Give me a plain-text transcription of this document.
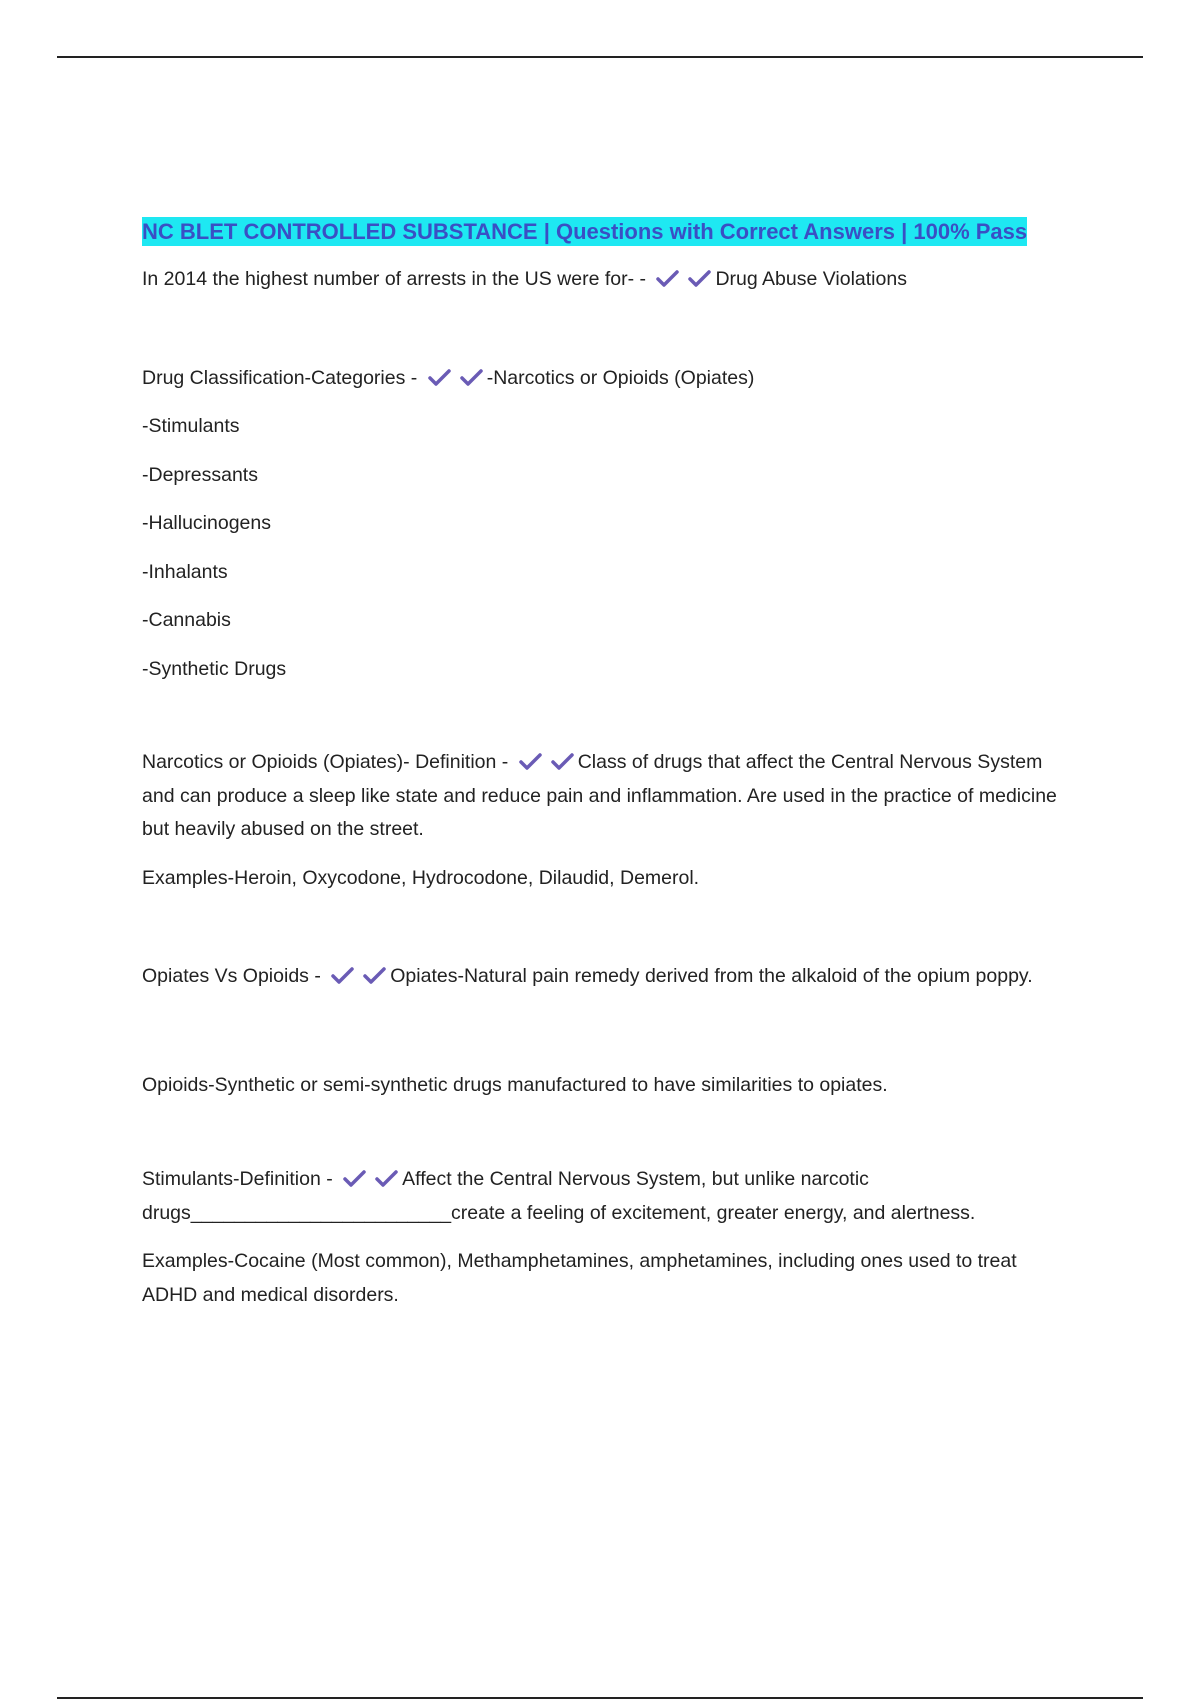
NC BLET CONTROLLED SUBSTANCE | Questions with Correct Answers | 100% Pass

In 2014 the highest number of arrests in the US were for- -	Drug Abuse Violations

Drug Classification-Categories -	-Narcotics or Opioids (Opiates)

-Stimulants

-Depressants

-Hallucinogens

-Inhalants

-Cannabis

-Synthetic Drugs

Narcotics or Opioids (Opiates)- Definition -	Class of drugs that affect the Central Nervous System and can produce a sleep like state and reduce pain and inflammation. Are used in the practice of medicine but heavily abused on the street.

Examples-Heroin, Oxycodone, Hydrocodone, Dilaudid, Demerol.

Opiates Vs Opioids -	Opiates-Natural pain remedy derived from the alkaloid of the opium poppy.

Opioids-Synthetic or semi-synthetic drugs manufactured to have similarities to opiates.

Stimulants-Definition -	Affect the Central Nervous System, but unlike narcotic drugs________________________create a feeling of excitement, greater energy, and alertness.

Examples-Cocaine (Most common), Methamphetamines, amphetamines, including ones used to treat ADHD and medical disorders.
